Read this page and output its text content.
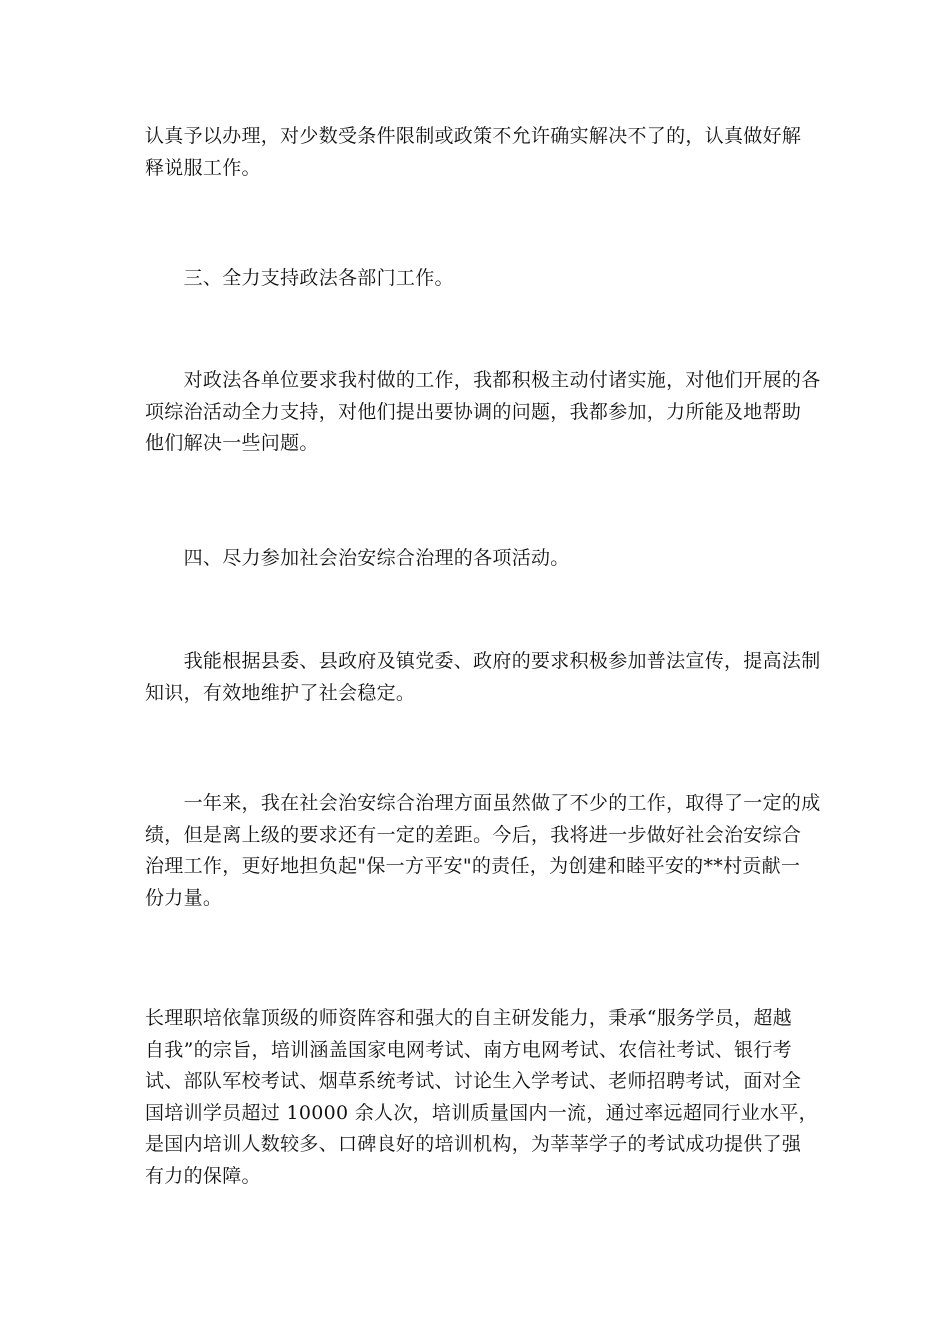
认真予以办理，对少数受条件限制或政策不允许确实解决不了的，认真做好解
释说服工作。
　　三、全力支持政法各部门工作。
　　对政法各单位要求我村做的工作，我都积极主动付诸实施，对他们开展的各
项综治活动全力支持，对他们提出要协调的问题，我都参加，力所能及地帮助
他们解决一些问题。
　　四、尽力参加社会治安综合治理的各项活动。
　　我能根据县委、县政府及镇党委、政府的要求积极参加普法宣传，提高法制
知识，有效地维护了社会稳定。
　　一年来，我在社会治安综合治理方面虽然做了不少的工作，取得了一定的成
绩，但是离上级的要求还有一定的差距。今后，我将进一步做好社会治安综合
治理工作，更好地担负起"保一方平安"的责任，为创建和睦平安的**村贡献一
份力量。
长理职培依靠顶级的师资阵容和强大的自主研发能力，秉承“服务学员，超越
自我”的宗旨，培训涵盖国家电网考试、南方电网考试、农信社考试、银行考
试、部队军校考试、烟草系统考试、讨论生入学考试、老师招聘考试，面对全
国培训学员超过 10000 余人次，培训质量国内一流，通过率远超同行业水平，
是国内培训人数较多、口碑良好的培训机构，为莘莘学子的考试成功提供了强
有力的保障。
